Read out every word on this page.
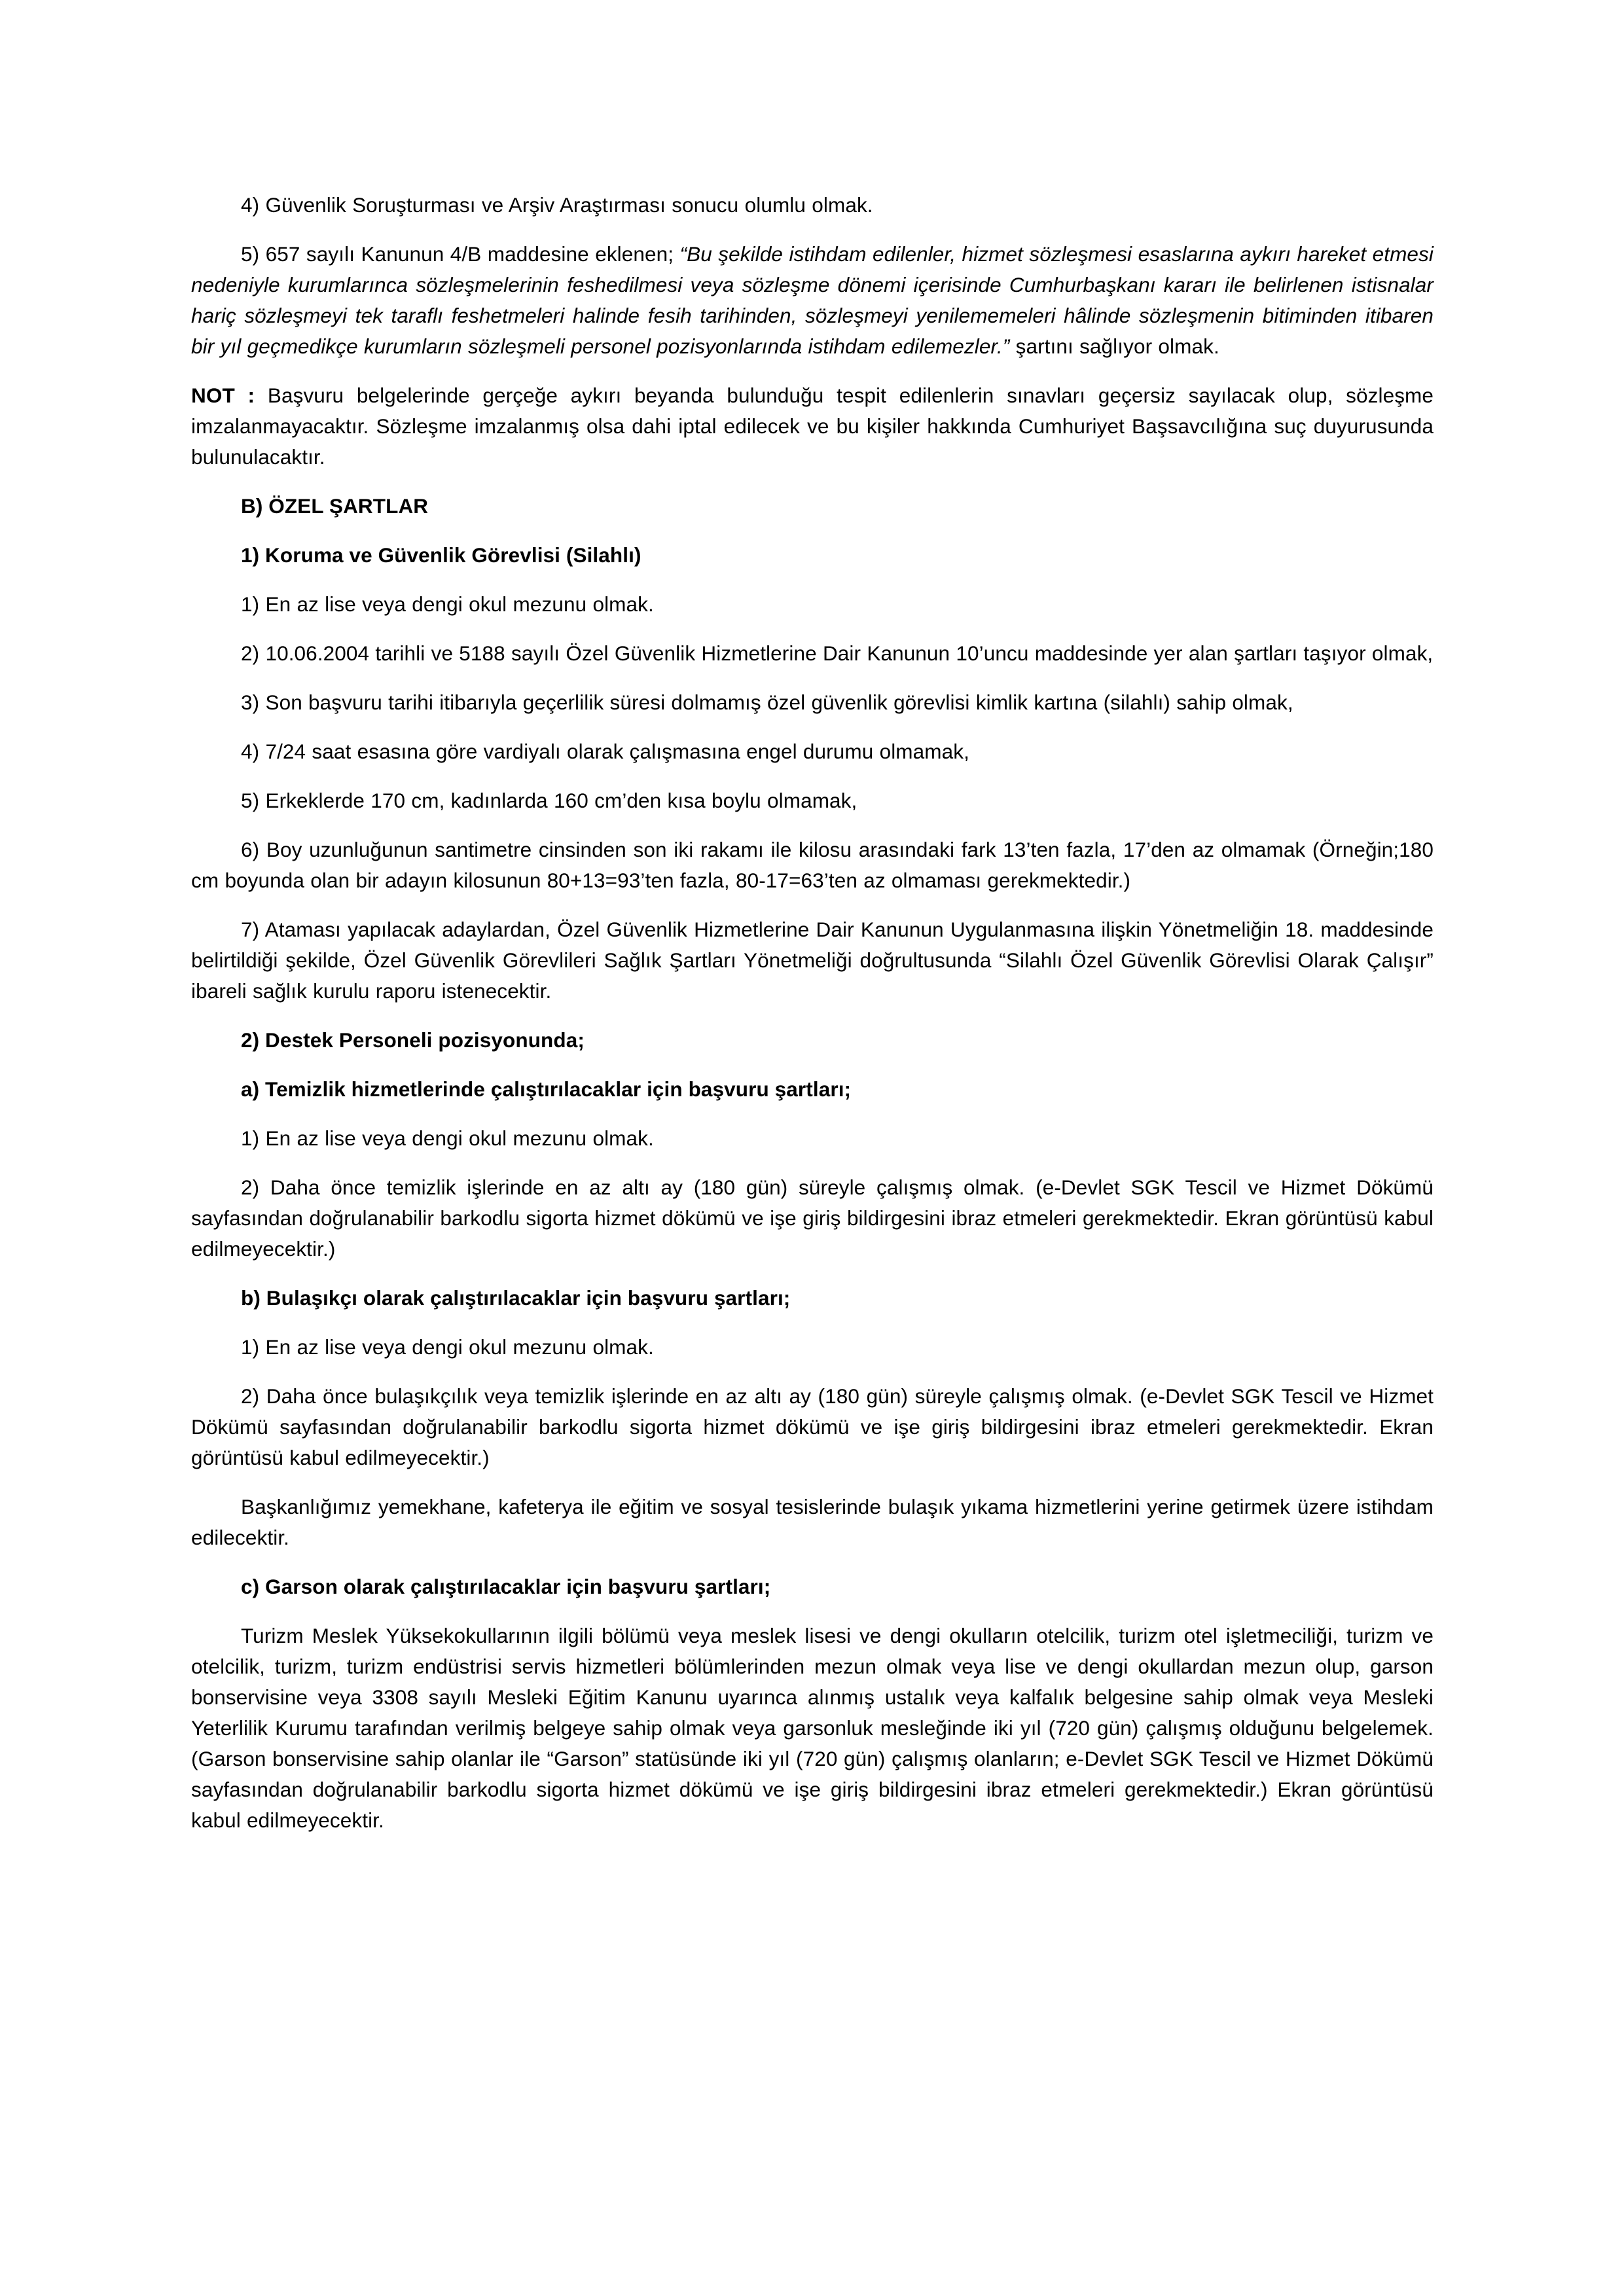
4) Güvenlik Soruşturması ve Arşiv Araştırması sonucu olumlu olmak.

5) 657 sayılı Kanunun 4/B maddesine eklenen; “Bu şekilde istihdam edilenler, hizmet sözleşmesi esaslarına aykırı hareket etmesi nedeniyle kurumlarınca sözleşmelerinin feshedilmesi veya sözleşme dönemi içerisinde Cumhurbaşkanı kararı ile belirlenen istisnalar hariç sözleşmeyi tek taraflı feshetmeleri halinde fesih tarihinden, sözleşmeyi yenilememeleri hâlinde sözleşmenin bitiminden itibaren bir yıl geçmedikçe kurumların sözleşmeli personel pozisyonlarında istihdam edilemezler.” şartını sağlıyor olmak.

NOT : Başvuru belgelerinde gerçeğe aykırı beyanda bulunduğu tespit edilenlerin sınavları geçersiz sayılacak olup, sözleşme imzalanmayacaktır. Sözleşme imzalanmış olsa dahi iptal edilecek ve bu kişiler hakkında Cumhuriyet Başsavcılığına suç duyurusunda bulunulacaktır.

B) ÖZEL ŞARTLAR

1) Koruma ve Güvenlik Görevlisi (Silahlı)

1) En az lise veya dengi okul mezunu olmak.

2) 10.06.2004 tarihli ve 5188 sayılı Özel Güvenlik Hizmetlerine Dair Kanunun 10’uncu maddesinde yer alan şartları taşıyor olmak,

3) Son başvuru tarihi itibarıyla geçerlilik süresi dolmamış özel güvenlik görevlisi kimlik kartına (silahlı) sahip olmak,

4) 7/24 saat esasına göre vardiyalı olarak çalışmasına engel durumu olmamak,

5) Erkeklerde 170 cm, kadınlarda 160 cm’den kısa boylu olmamak,

6) Boy uzunluğunun santimetre cinsinden son iki rakamı ile kilosu arasındaki fark 13’ten fazla, 17’den az olmamak (Örneğin;180 cm boyunda olan bir adayın kilosunun 80+13=93’ten fazla, 80-17=63’ten az olmaması gerekmektedir.)

7) Ataması yapılacak adaylardan, Özel Güvenlik Hizmetlerine Dair Kanunun Uygulanmasına ilişkin Yönetmeliğin 18. maddesinde belirtildiği şekilde, Özel Güvenlik Görevlileri Sağlık Şartları Yönetmeliği doğrultusunda “Silahlı Özel Güvenlik Görevlisi Olarak Çalışır” ibareli sağlık kurulu raporu istenecektir.

2) Destek Personeli pozisyonunda;

a) Temizlik hizmetlerinde çalıştırılacaklar için başvuru şartları;

1) En az lise veya dengi okul mezunu olmak.

2) Daha önce temizlik işlerinde en az altı ay (180 gün) süreyle çalışmış olmak. (e-Devlet SGK Tescil ve Hizmet Dökümü sayfasından doğrulanabilir barkodlu sigorta hizmet dökümü ve işe giriş bildirgesini ibraz etmeleri gerekmektedir. Ekran görüntüsü kabul edilmeyecektir.)

b) Bulaşıkçı olarak çalıştırılacaklar için başvuru şartları;

1) En az lise veya dengi okul mezunu olmak.

2) Daha önce bulaşıkçılık veya temizlik işlerinde en az altı ay (180 gün) süreyle çalışmış olmak. (e-Devlet SGK Tescil ve Hizmet Dökümü sayfasından doğrulanabilir barkodlu sigorta hizmet dökümü ve işe giriş bildirgesini ibraz etmeleri gerekmektedir. Ekran görüntüsü kabul edilmeyecektir.)

Başkanlığımız yemekhane, kafeterya ile eğitim ve sosyal tesislerinde bulaşık yıkama hizmetlerini yerine getirmek üzere istihdam edilecektir.

c) Garson olarak çalıştırılacaklar için başvuru şartları;

Turizm Meslek Yüksekokullarının ilgili bölümü veya meslek lisesi ve dengi okulların otelcilik, turizm otel işletmeciliği, turizm ve otelcilik, turizm, turizm endüstrisi servis hizmetleri bölümlerinden mezun olmak veya lise ve dengi okullardan mezun olup, garson bonservisine veya 3308 sayılı Mesleki Eğitim Kanunu uyarınca alınmış ustalık veya kalfalık belgesine sahip olmak veya Mesleki Yeterlilik Kurumu tarafından verilmiş belgeye sahip olmak veya garsonluk mesleğinde iki yıl (720 gün) çalışmış olduğunu belgelemek. (Garson bonservisine sahip olanlar ile “Garson” statüsünde iki yıl (720 gün) çalışmış olanların; e-Devlet SGK Tescil ve Hizmet Dökümü sayfasından doğrulanabilir barkodlu sigorta hizmet dökümü ve işe giriş bildirgesini ibraz etmeleri gerekmektedir.) Ekran görüntüsü kabul edilmeyecektir.
